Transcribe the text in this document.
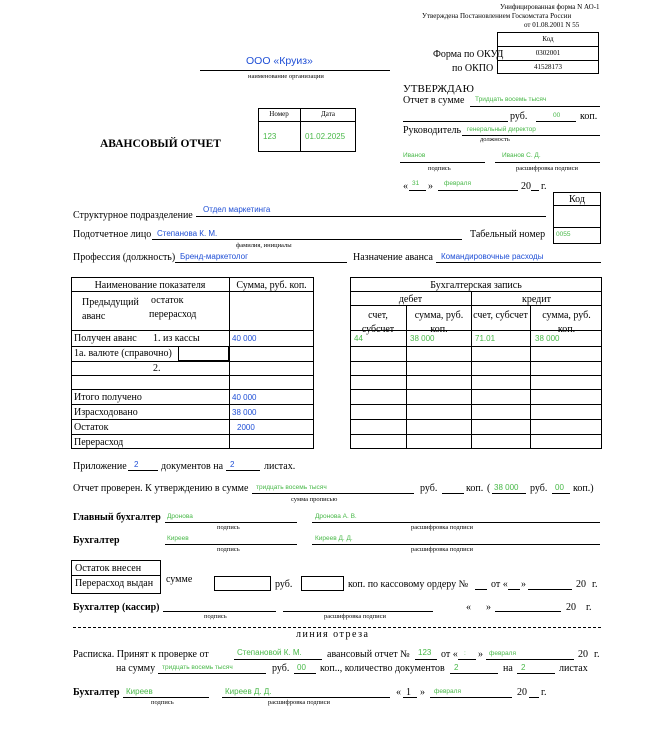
Унифицированная форма N АО-1
Утверждена Постановлением Госкомстата России
от 01.08.2001 N 55
Код
Форма по ОКУД	0302001
по ОКПО	41528173
ООО «Круиз»
наименование организации
УТВЕРЖДАЮ
Отчет в сумме Тридцать восемь тысяч
руб.	00 коп.
Руководитель генеральный директор
должность
Иванов	Иванов С. Д.
подпись	расшифровка подписи
« 31 » февраля	20 г.
Номер	Дата
123	01.02.2025
АВАНСОВЫЙ ОТЧЕТ
Код
0055
Структурное подразделение
Отдел маркетинга
Подотчетное лицо Степанова К. М.
фамилия, инициалы
Табельный номер
Профессия (должность) Бренд-маркетолог	Назначение аванса Командировочные расходы
Наименование показателя	Сумма, руб. коп.
Предыдущий аванс
остаток
перерасход
Получен аванс 1. из кассы	40 000
1а. валюте (справочно)
2.
Итого получено	40 000
Израсходовано	38 000
Остаток	2000
Перерасход
Бухгалтерская запись
дебет	кредит
счет, субсчет
сумма, руб. коп.
счет, субсчет	сумма, руб. коп.
44	38 000	71.01	38 000
Приложение 2 документов на 2	листах.
Отчет проверен. К утверждению в сумме тридцать восемь тысяч
сумма прописью
руб.	коп. ( 38 000 руб. 00 коп.)
Главный бухгалтер Дронова	Дронова А. В.
подпись	расшифровка подписи
Бухгалтер	Киреев	Киреев Д. Д.
подпись	расшифровка подписи
Остаток внесен
Перерасход выдан сумме	руб.	коп. по кассовому ордеру № от « »	20 г.
Бухгалтер (кассир)
подпись	расшифровка подписи
« »	20 г.
линия отреза
Расписка. Принят к проверке от	Степановой К. М.	авансовый отчет № 123 от « : » февраля	20 г.
на сумму тридцать восемь тысяч	руб. 00 коп.., количество документов 2	на 2	листах
Бухгалтер Киреев	Киреев Д. Д.	« 1 » февраля	20 г.
подпись	расшифровка подписи
